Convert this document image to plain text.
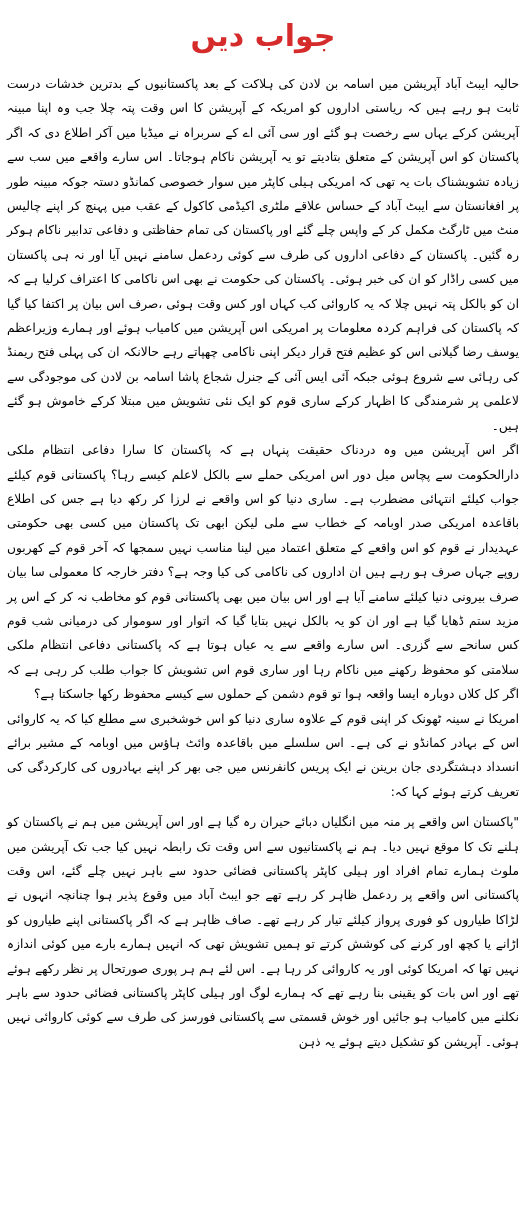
جواب دیں

حالیہ ایبٹ آباد آپریشن میں اسامہ بن لادن کی ہلاکت کے بعد پاکستانیوں کے بدترین خدشات درست ثابت ہو رہے ہیں کہ ریاستی اداروں کو امریکہ کے آپریشن کا اس وقت پتہ چلا جب وہ اپنا مبینہ آپریشن کرکے یہاں سے رخصت ہو گئے اور سی آئی اے کے سربراہ نے میڈیا میں آکر اطلاع دی کہ اگر پاکستان کو اس آپریشن کے متعلق بتادیتے تو یہ آپریشن ناکام ہوجاتا۔ اس سارے واقعے میں سب سے زیادہ تشویشناک بات یہ تھی کہ امریکی ہیلی کاپٹر میں سوار خصوصی کمانڈو دستہ جوکہ مبینہ طور پر افغانستان سے ایبٹ آباد کے حساس علاقے ملٹری اکیڈمی کاکول کے عقب میں پہنچ کر اپنے چالیس منٹ میں ٹارگٹ مکمل کر کے واپس چلے گئے اور پاکستان کی تمام حفاظتی و دفاعی تدابیر ناکام ہوکر رہ گئیں۔ پاکستان کے دفاعی اداروں کی طرف سے کوئی ردعمل سامنے نہیں آیا اور نہ ہی پاکستان میں کسی راڈار کو ان کی خبر ہوئی۔ پاکستان کی حکومت نے بھی اس ناکامی کا اعتراف کرلیا ہے کہ ان کو بالکل پتہ نہیں چلا کہ یہ کاروائی کب کہاں اور کس وقت ہوئی ،صرف اس بیان پر اکتفا کیا گیا کہ پاکستان کی فراہم کردہ معلومات پر امریکی اس آپریشن میں کامیاب ہوئے اور ہمارے وزیراعظم یوسف رضا گیلانی اس کو عظیم فتح قرار دیکر اپنی ناکامی چھپاتے رہے حالانکہ ان کی پہلی فتح ریمنڈ کی رہائی سے شروع ہوئی جبکہ آئی ایس آئی کے جنرل شجاع پاشا اسامہ بن لادن کی موجودگی سے لاعلمی پر شرمندگی کا اظہار کرکے ساری قوم کو ایک نئی تشویش میں مبتلا کرکے خاموش ہو گئے ہیں۔

اگر اس آپریشن میں وہ دردناک حقیقت پنہاں ہے کہ پاکستان کا سارا دفاعی انتظام ملکی دارالحکومت سے پچاس میل دور اس امریکی حملے سے بالکل لاعلم کیسے رہا؟ پاکستانی قوم کیلئے جواب کیلئے انتہائی مضطرب ہے۔ ساری دنیا کو اس واقعے نے لرزا کر رکھ دیا ہے جس کی اطلاع باقاعدہ امریکی صدر اوبامہ کے خطاب سے ملی لیکن ابھی تک پاکستان میں کسی بھی حکومتی عہدیدار نے قوم کو اس واقعے کے متعلق اعتماد میں لینا مناسب نہیں سمجھا کہ آخر قوم کے کھربوں روپے جہاں صرف ہو رہے ہیں ان اداروں کی ناکامی کی کیا وجہ ہے؟ دفتر خارجہ کا معمولی سا بیان صرف بیرونی دنیا کیلئے سامنے آیا ہے اور اس بیان میں بھی پاکستانی قوم کو مخاطب نہ کر کے اس پر مزید ستم ڈھایا گیا ہے اور ان کو یہ بالکل نہیں بتایا گیا کہ اتوار اور سوموار کی درمیانی شب قوم کس سانحے سے گزری۔ اس سارے واقعے سے یہ عیاں ہوتا ہے کہ پاکستانی دفاعی انتظام ملکی سلامتی کو محفوظ رکھنے میں ناکام رہا اور ساری قوم اس تشویش کا جواب طلب کر رہی ہے کہ اگر کل کلاں دوبارہ ایسا واقعہ ہوا تو قوم دشمن کے حملوں سے کیسے محفوظ رکھا جاسکتا ہے؟

امریکا نے سینہ ٹھونک کر اپنی قوم کے علاوہ ساری دنیا کو اس خوشخبری سے مطلع کیا کہ یہ کاروائی اس کے بہادر کمانڈو نے کی ہے۔ اس سلسلے میں باقاعدہ وائٹ ہاؤس میں اوبامہ کے مشیر برائے انسداد دہشتگردی جان برینن نے ایک پریس کانفرنس میں جی بھر کر اپنے بہادروں کی کارکردگی کی تعریف کرتے ہوئے کہا کہ:

"پاکستان اس واقعے پر منہ میں انگلیاں دبائے حیران رہ گیا ہے اور اس آپریشن میں ہم نے پاکستان کو ہلنے تک کا موقع نہیں دیا۔ ہم نے پاکستانیوں سے اس وقت تک رابطہ نہیں کیا جب تک آپریشن میں ملوث ہمارے تمام افراد اور ہیلی کاپٹر پاکستانی فضائی حدود سے باہر نہیں چلے گئے، اس وقت پاکستانی اس واقعے پر ردعمل ظاہر کر رہے تھے جو ایبٹ آباد میں وقوع پذیر ہوا چنانچہ انہوں نے لڑاکا طیاروں کو فوری پرواز کیلئے تیار کر رہے تھے۔ صاف ظاہر ہے کہ اگر پاکستانی اپنے طیاروں کو اڑانے یا کچھ اور کرنے کی کوشش کرتے تو ہمیں تشویش تھی کہ انہیں ہمارے بارے میں کوئی اندازہ نہیں تھا کہ امریکا کوئی اور یہ کاروائی کر رہا ہے۔ اس لئے ہم ہر پوری صورتحال پر نظر رکھے ہوئے تھے اور اس بات کو یقینی بنا رہے تھے کہ ہمارے لوگ اور ہیلی کاپٹر پاکستانی فضائی حدود سے باہر نکلنے میں کامیاب ہو جائیں اور خوش قسمتی سے پاکستانی فورسز کی طرف سے کوئی کاروائی نہیں ہوئی۔ آپریشن کو تشکیل دیتے ہوئے یہ ذہن
